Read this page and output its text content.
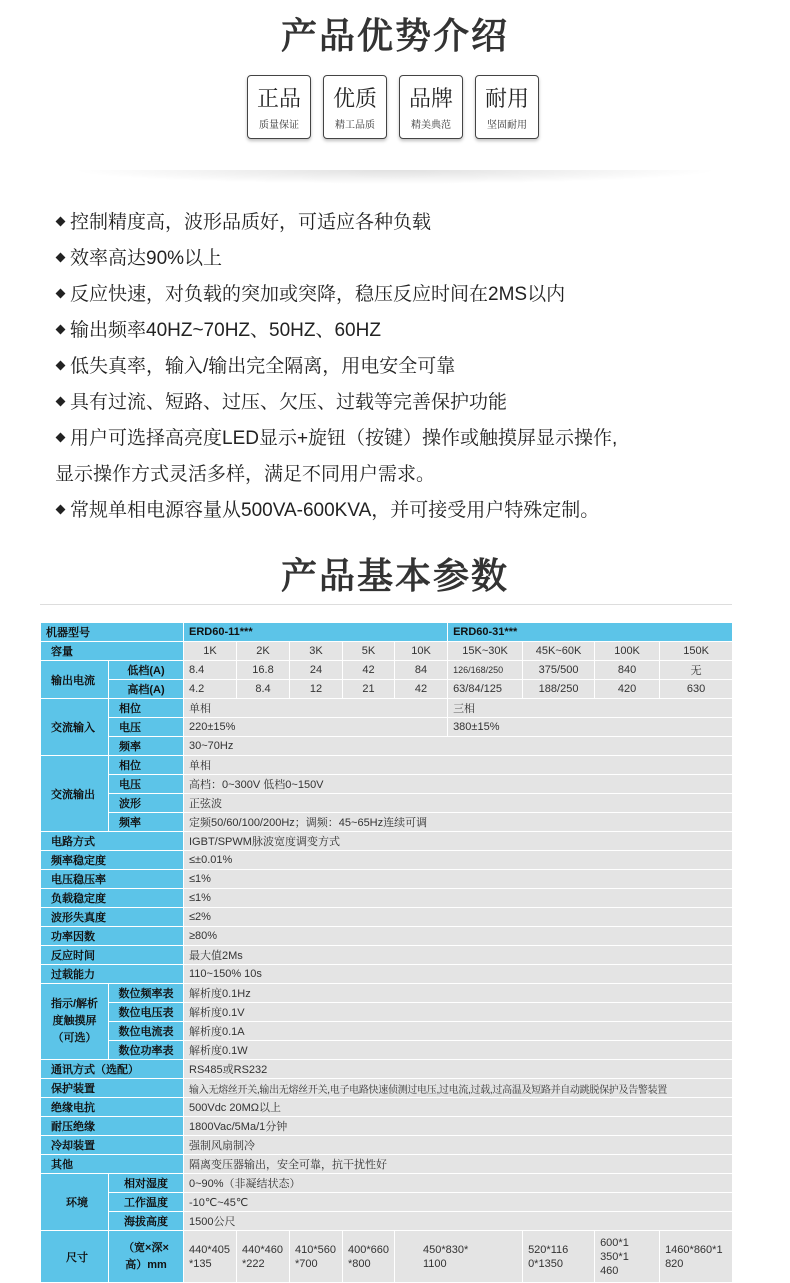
产品优势介绍
正品
质量保证
优质
精工品质
品牌
精美典范
耐用
坚固耐用
控制精度高，波形品质好，可适应各种负载
效率高达90%以上
反应快速，对负载的突加或突降，稳压反应时间在2MS以内
输出频率40HZ~70HZ、50HZ、60HZ
低失真率，输入/输出完全隔离，用电安全可靠
具有过流、短路、过压、欠压、过载等完善保护功能
用户可选择高亮度LED显示+旋钮（按键）操作或触摸屏显示操作,
显示操作方式灵活多样，满足不同用户需求。
常规单相电源容量从500VA-600KVA，并可接受用户特殊定制。
产品基本参数
机器型号		ERD60-11***					ERD60-31***			
容量		1K	2K	3K	5K	10K	15K~30K	45K~60K	100K	150K
输出电流	低档(A)	8.4	16.8	24	42	84	126/168/250	375/500	840	无
	高档(A)	4.2	8.4	12	21	42	63/84/125	188/250	420	630
交流输入	相位	单相					三相			
	电压	220±15%					380±15%			
	频率	30~70Hz								
交流输出	相位	单相								
	电压	高档：0~300V 低档0~150V								
	波形	正弦波								
	频率	定频50/60/100/200Hz；调频：45~65Hz连续可调								
电路方式		IGBT/SPWM脉波宽度调变方式								
频率稳定度		≤±0.01%								
电压稳压率		≤1%								
负载稳定度		≤1%								
波形失真度		≤2%								
功率因数		≥80%								
反应时间		最大值2Ms								
过载能力		110~150% 10s								
指示/解析度触摸屏（可选）	数位频率表	解析度0.1Hz								
	数位电压表	解析度0.1V								
	数位电流表	解析度0.1A								
	数位功率表	解析度0.1W								
通讯方式（选配）		RS485或RS232								
保护装置		输入无熔丝开关,输出无熔丝开关,电子电路快速侦测过电压,过电流,过载,过高温及短路并自动跳脱保护及告警装置								
绝缘电抗		500Vdc 20MΩ以上								
耐压绝缘		1800Vac/5Ma/1分钟								
冷却装置		强制风扇制冷								
其他		隔离变压器输出，安全可靠，抗干扰性好								
环境	相对湿度	0~90%（非凝结状态）								
	工作温度	-10℃~45℃								
	海拔高度	1500公尺								
尺寸	（宽×深×高）mm	440*405*135	440*460*222	410*560*700	400*660*800	450*830*1100		520*1160*1350	600*1350*1460	1460*860*1820
